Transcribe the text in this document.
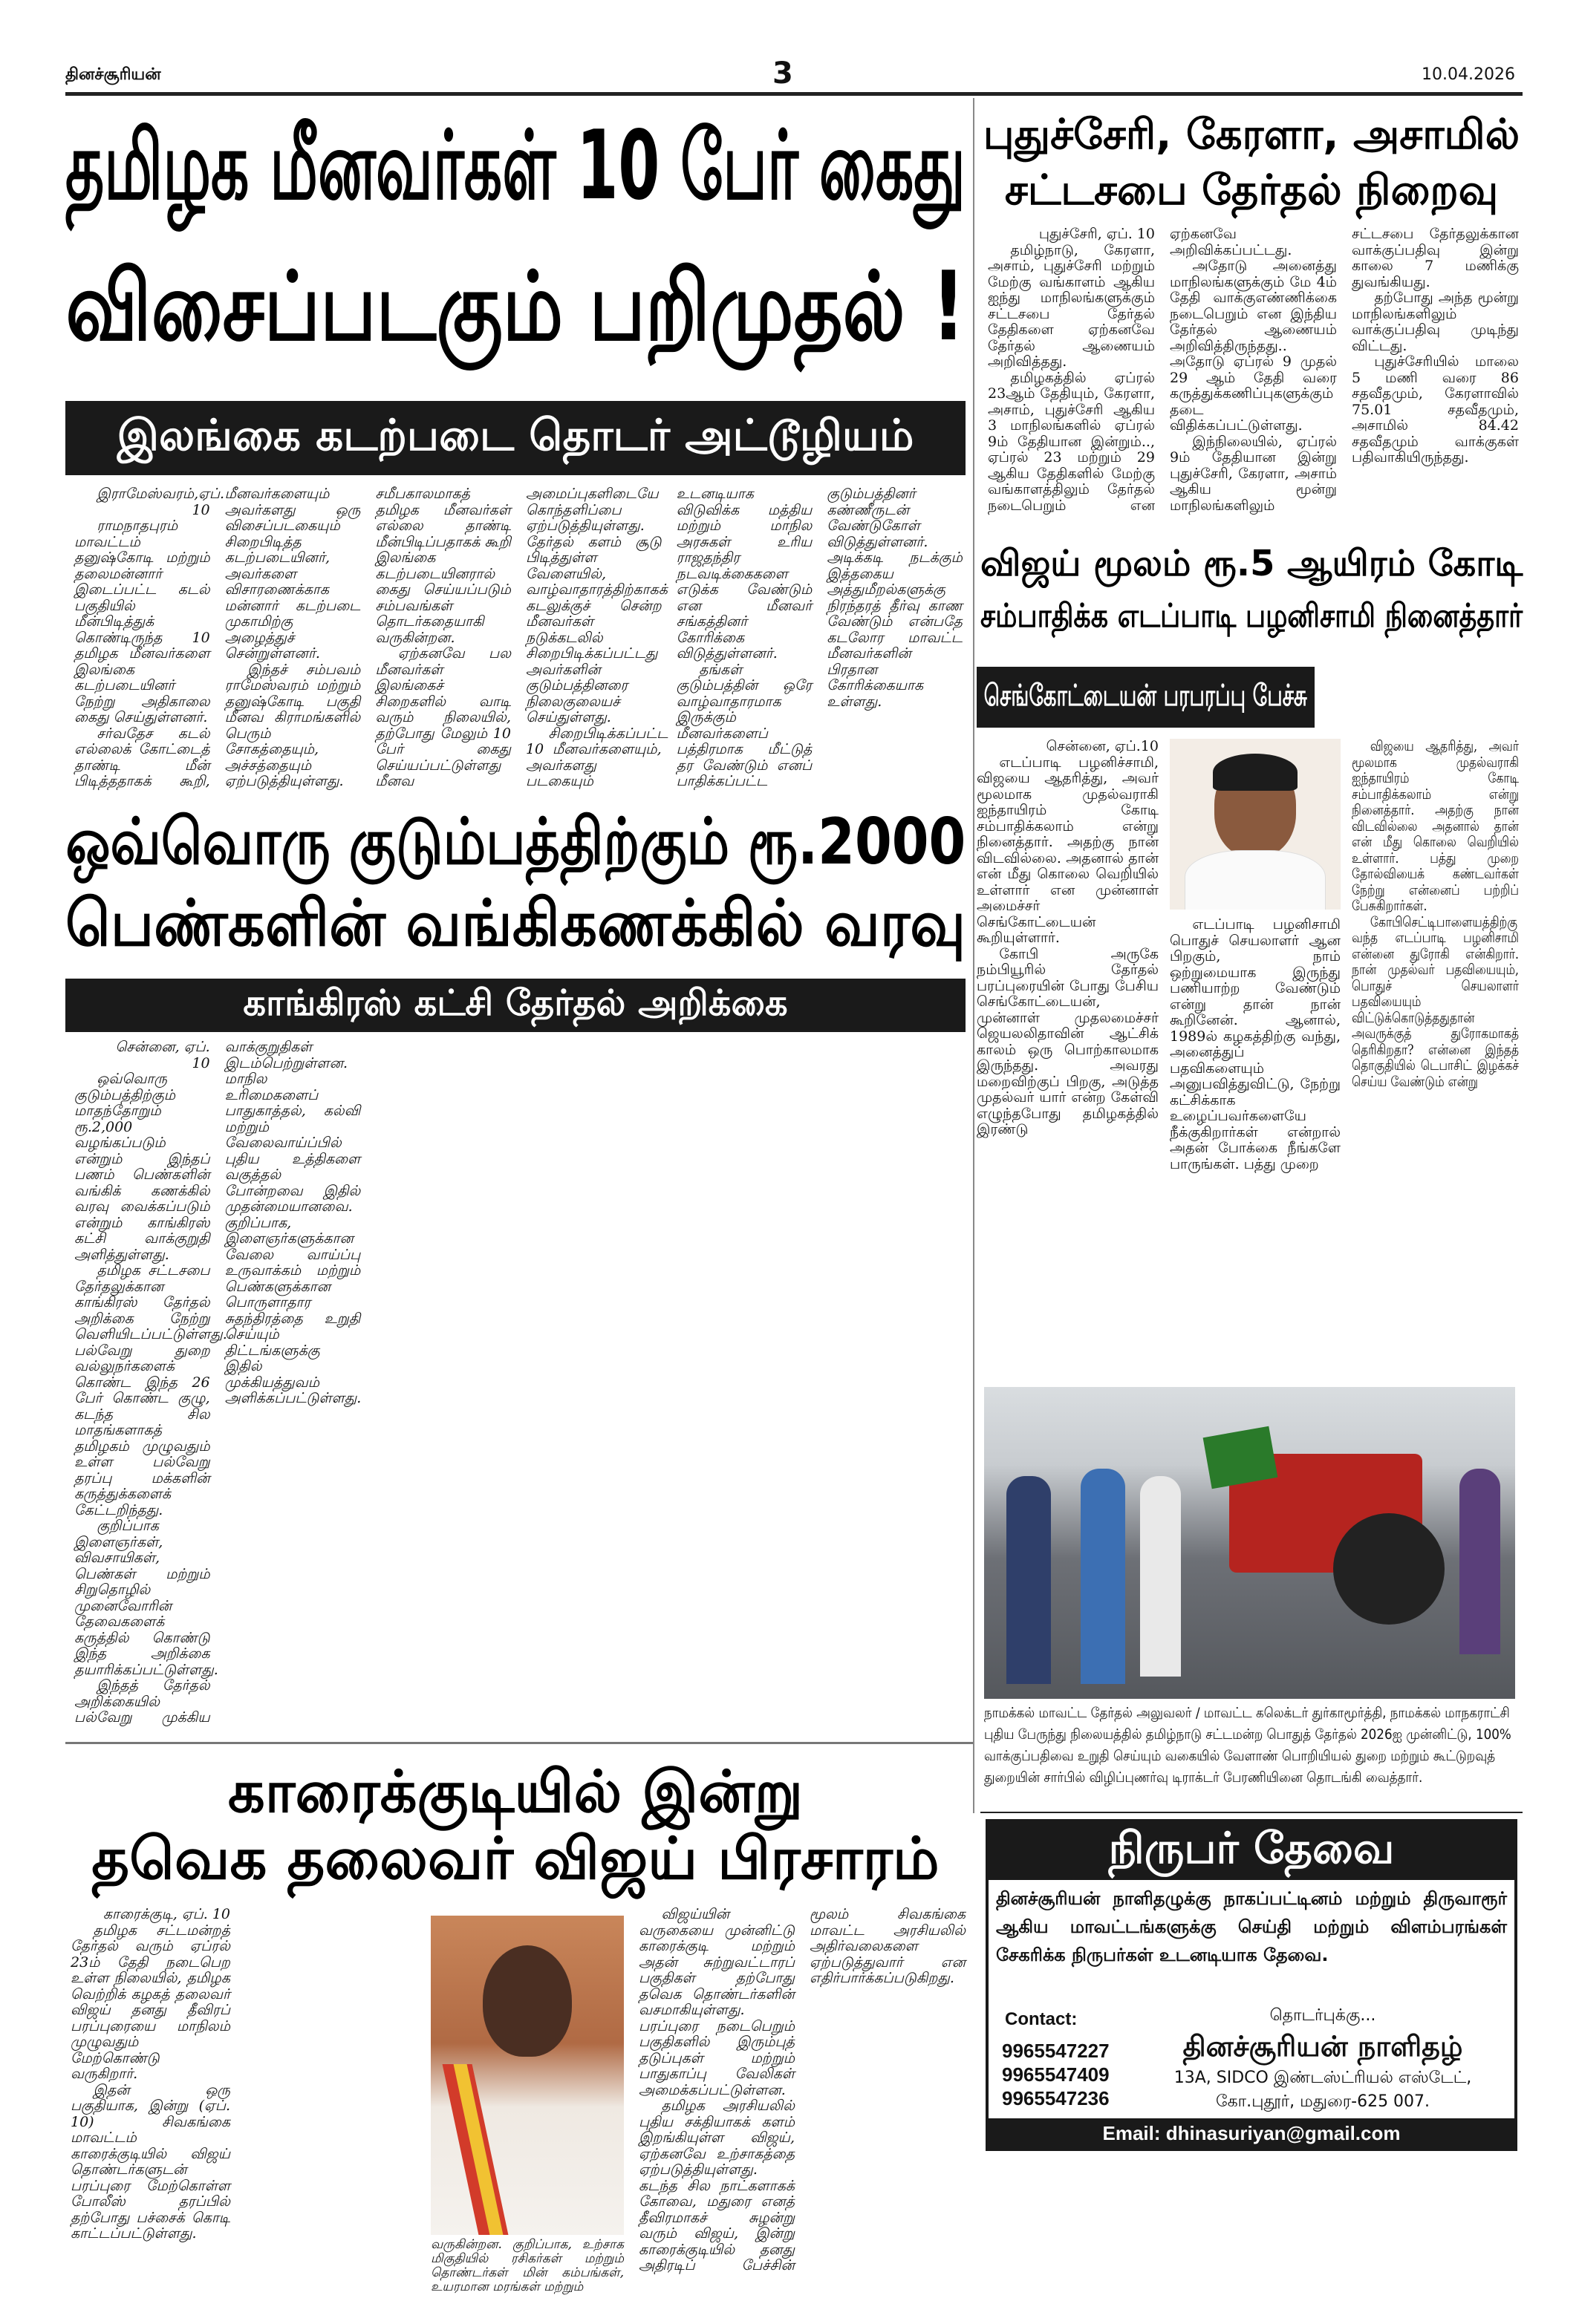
தினச்சூரியன்	3	10.04.2026
தமிழக மீனவர்கள் 10 பேர் கைது
விசைப்படகும் பறிமுதல் !
இலங்கை கடற்படை தொடர் அட்டூழியம்

இராமேஸ்வரம்,ஏப். 10

ராமநாதபுரம் மாவட்டம் தனுஷ்கோடி மற்றும் தலைமன்னார் இடைப்பட்ட கடல் பகுதியில் மீன்பிடித்துக் கொண்டிருந்த 10 தமிழக மீனவர்களை இலங்கை கடற்படையினர் நேற்று அதிகாலை கைது செய்துள்ளனர்.

சர்வதேச கடல் எல்லைக் கோட்டைத் தாண்டி மீன் பிடித்ததாகக் கூறி, மீனவர்களையும் அவர்களது ஒரு விசைப்படகையும் சிறைபிடித்த கடற்படையினர், அவர்களை விசாரணைக்காக மன்னார் கடற்படை முகாமிற்கு அழைத்துச் சென்றுள்ளனர்.

இந்தச் சம்பவம் ராமேஸ்வரம் மற்றும் தனுஷ்கோடி பகுதி மீனவ கிராமங்களில் பெரும் சோகத்தையும், அச்சத்தையும் ஏற்படுத்தியுள்ளது. சமீபகாலமாகத் தமிழக மீனவர்கள் எல்லை தாண்டி மீன்பிடிப்பதாகக் கூறி இலங்கை கடற்படையினரால் கைது செய்யப்படும் சம்பவங்கள் தொடர்கதையாகி வருகின்றன.

ஏற்கனவே பல மீனவர்கள் இலங்கைச் சிறைகளில் வாடி வரும் நிலையில், தற்போது மேலும் 10 பேர் கைது செய்யப்பட்டுள்ளது மீனவ அமைப்புகளிடையே கொந்தளிப்பை ஏற்படுத்தியுள்ளது. தேர்தல் களம் சூடு பிடித்துள்ள வேளையில், வாழ்வாதாரத்திற்காகக் கடலுக்குச் சென்ற மீனவர்கள் நடுக்கடலில் சிறைபிடிக்கப்பட்டது அவர்களின் குடும்பத்தினரை நிலைகுலையச் செய்துள்ளது.

சிறைபிடிக்கப்பட்ட 10 மீனவர்களையும், அவர்களது படகையும் உடனடியாக விடுவிக்க மத்திய மற்றும் மாநில அரசுகள் உரிய ராஜதந்திர நடவடிக்கைகளை எடுக்க வேண்டும் என மீனவர் சங்கத்தினர் கோரிக்கை விடுத்துள்ளனர்.

தங்கள் குடும்பத்தின் ஒரே வாழ்வாதாரமாக இருக்கும் மீனவர்களைப் பத்திரமாக மீட்டுத் தர வேண்டும் எனப் பாதிக்கப்பட்ட குடும்பத்தினர் கண்ணீருடன் வேண்டுகோள் விடுத்துள்ளனர். அடிக்கடி நடக்கும் இத்தகைய அத்துமீறல்களுக்கு நிரந்தரத் தீர்வு காண வேண்டும் என்பதே கடலோர மாவட்ட மீனவர்களின் பிரதான கோரிக்கையாக உள்ளது.

ஒவ்வொரு குடும்பத்திற்கும் ரூ.2000
பெண்களின் வங்கிகணக்கில் வரவு
காங்கிரஸ் கட்சி தேர்தல் அறிக்கை

சென்னை, ஏப். 10

ஒவ்வொரு குடும்பத்திற்கும் மாதந்தோறும் ரூ.2,000 வழங்கப்படும் என்றும் இந்தப் பணம் பெண்களின் வங்கிக் கணக்கில் வரவு வைக்கப்படும் என்றும் காங்கிரஸ் கட்சி வாக்குறுதி அளித்துள்ளது.

தமிழக சட்டசபை தேர்தலுக்கான காங்கிரஸ் தேர்தல் அறிக்கை நேற்று வெளியிடப்பட்டுள்ளது. பல்வேறு துறை வல்லுநர்களைக் கொண்ட இந்த 26 பேர் கொண்ட குழு, கடந்த சில மாதங்களாகத் தமிழகம் முழுவதும் உள்ள பல்வேறு தரப்பு மக்களின் கருத்துக்களைக் கேட்டறிந்தது.

குறிப்பாக இளைஞர்கள், விவசாயிகள், பெண்கள் மற்றும் சிறுதொழில் முனைவோரின் தேவைகளைக் கருத்தில் கொண்டு இந்த அறிக்கை தயாரிக்கப்பட்டுள்ளது.

இந்தத் தேர்தல் அறிக்கையில் பல்வேறு முக்கிய வாக்குறுதிகள் இடம்பெற்றுள்ளன. மாநில உரிமைகளைப் பாதுகாத்தல், கல்வி மற்றும் வேலைவாய்ப்பில் புதிய உத்திகளை வகுத்தல் போன்றவை இதில் முதன்மையானவை. குறிப்பாக, இளைஞர்களுக்கான வேலை வாய்ப்பு உருவாக்கம் மற்றும் பெண்களுக்கான பொருளாதார சுதந்திரத்தை உறுதி செய்யும் திட்டங்களுக்கு இதில் முக்கியத்துவம் அளிக்கப்பட்டுள்ளது.

காரைக்குடியில் இன்று
தவெக தலைவர் விஜய் பிரசாரம்

காரைக்குடி, ஏப். 10

தமிழக சட்டமன்றத் தேர்தல் வரும் ஏப்ரல் 23ம் தேதி நடைபெற உள்ள நிலையில், தமிழக வெற்றிக் கழகத் தலைவர் விஜய் தனது தீவிரப் பரப்புரையை மாநிலம் முழுவதும் மேற்கொண்டு வருகிறார்.

இதன் ஒரு பகுதியாக, இன்று (ஏப். 10) சிவகங்கை மாவட்டம் காரைக்குடியில் விஜய் தொண்டர்களுடன் பரப்புரை மேற்கொள்ள போலீஸ் தரப்பில் தற்போது பச்சைக் கொடி காட்டப்பட்டுள்ளது.

வருகின்றன. குறிப்பாக, உற்சாக மிகுதியில் ரசிகர்கள் மற்றும் தொண்டர்கள் மின் கம்பங்கள், உயரமான மரங்கள் மற்றும்

விஜய்யின் வருகையை முன்னிட்டு காரைக்குடி மற்றும் அதன் சுற்றுவட்டாரப் பகுதிகள் தற்போது தவெக தொண்டர்களின் வசமாகியுள்ளது. பரப்புரை நடைபெறும் பகுதிகளில் இரும்புத் தடுப்புகள் மற்றும் பாதுகாப்பு வேலிகள் அமைக்கப்பட்டுள்ளன.

தமிழக அரசியலில் புதிய சக்தியாகக் களம் இறங்கியுள்ள விஜய், ஏற்கனவே உற்சாகத்தை ஏற்படுத்தியுள்ளது. கடந்த சில நாட்களாகக் கோவை, மதுரை எனத் தீவிரமாகச் சுழன்று வரும் விஜய், இன்று காரைக்குடியில் தனது அதிரடிப் பேச்சின் மூலம் சிவகங்கை மாவட்ட அரசியலில் அதிர்வலைகளை ஏற்படுத்துவார் என எதிர்பார்க்கப்படுகிறது.

புதுச்சேரி, கேரளா, அசாமில்
சட்டசபை தேர்தல் நிறைவு

புதுச்சேரி, ஏப். 10

தமிழ்நாடு, கேரளா, அசாம், புதுச்சேரி மற்றும் மேற்கு வங்காளம் ஆகிய ஐந்து மாநிலங்களுக்கும் சட்டசபை தேர்தல் தேதிகளை ஏற்கனவே தேர்தல் ஆணையம் அறிவித்தது.

தமிழகத்தில் ஏப்ரல் 23ஆம் தேதியும், கேரளா, அசாம், புதுச்சேரி ஆகிய 3 மாநிலங்களில் ஏப்ரல் 9ம் தேதியான இன்றும்.., ஏப்ரல் 23 மற்றும் 29 ஆகிய தேதிகளில் மேற்கு வங்காளத்திலும் தேர்தல் நடைபெறும் என ஏற்கனவே அறிவிக்கப்பட்டது.

அதோடு அனைத்து மாநிலங்களுக்கும் மே 4ம் தேதி வாக்குஎண்ணிக்கை நடைபெறும் என இந்திய தேர்தல் ஆணையம் அறிவித்திருந்தது.. அதோடு ஏப்ரல் 9 முதல் 29 ஆம் தேதி வரை கருத்துக்கணிப்புகளுக்கும் தடை விதிக்கப்பட்டுள்ளது.

இந்நிலையில், ஏப்ரல் 9ம் தேதியான இன்று புதுச்சேரி, கேரளா, அசாம் ஆகிய மூன்று மாநிலங்களிலும் சட்டசபை தேர்தலுக்கான வாக்குப்பதிவு இன்று காலை 7 மணிக்கு துவங்கியது.

தற்போது அந்த மூன்று மாநிலங்களிலும் வாக்குப்பதிவு முடிந்து விட்டது.

புதுச்சேரியில் மாலை 5 மணி வரை 86 சதவீதமும், கேரளாவில் 75.01 சதவீதமும், அசாமில் 84.42 சதவீதமும் வாக்குகள் பதிவாகியிருந்தது.

விஜய் மூலம் ரூ.5 ஆயிரம் கோடி
சம்பாதிக்க எடப்பாடி பழனிசாமி நினைத்தார்
செங்கோட்டையன் பரபரப்பு பேச்சு

சென்னை, ஏப்.10

எடப்பாடி பழனிச்சாமி, விஜயை ஆதரித்து, அவர் மூலமாக முதல்வராகி ஐந்தாயிரம் கோடி சம்பாதிக்கலாம் என்று நினைத்தார். அதற்கு நான் விடவில்லை. அதனால் தான் என் மீது கொலை வெறியில் உள்ளார் என முன்னாள் அமைச்சர் செங்கோட்டையன் கூறியுள்ளார்.

கோபி அருகே நம்பியூரில் தேர்தல் பரப்புரையின் போது பேசிய செங்கோட்டையன், முன்னாள் முதலமைச்சர் ஜெயலலிதாவின் ஆட்சிக் காலம் ஒரு பொற்காலமாக இருந்தது. அவரது மறைவிற்குப் பிறகு, அடுத்த முதல்வர் யார் என்ற கேள்வி எழுந்தபோது தமிழகத்தில் இரண்டு

எடப்பாடி பழனிசாமி பொதுச் செயலாளர் ஆன பிறகும், நாம் ஒற்றுமையாக இருந்து பணியாற்ற வேண்டும் என்று தான் நான் கூறினேன். ஆனால், 1989ல் கழகத்திற்கு வந்து, அனைத்துப் பதவிகளையும் அனுபவித்துவிட்டு, நேற்று கட்சிக்காக உழைப்பவர்களையே நீக்குகிறார்கள் என்றால் அதன் போக்கை நீங்களே பாருங்கள். பத்து முறை

விஜயை ஆதரித்து, அவர் மூலமாக முதல்வராகி ஐந்தாயிரம் கோடி சம்பாதிக்கலாம் என்று நினைத்தார். அதற்கு நான் விடவில்லை அதனால் தான் என் மீது கொலை வெறியில் உள்ளார். பத்து முறை தோல்வியைக் கண்டவர்கள் நேற்று என்னைப் பற்றிப் பேசுகிறார்கள்.

கோபிசெட்டிபாளையத்திற்கு வந்த எடப்பாடி பழனிசாமி என்னை துரோகி என்கிறார். நான் முதல்வர் பதவியையும், பொதுச் செயலாளர் பதவியையும் விட்டுக்கொடுத்ததுதான் அவருக்குத் துரோகமாகத் தெரிகிறதா? என்னை இந்தத் தொகுதியில் டெபாசிட் இழக்கச் செய்ய வேண்டும் என்று

நாமக்கல் மாவட்ட தேர்தல் அலுவலர் / மாவட்ட கலெக்டர் துர்காமூர்த்தி, நாமக்கல் மாநகராட்சி புதிய பேருந்து நிலையத்தில் தமிழ்நாடு சட்டமன்ற பொதுத் தேர்தல் 2026ஐ முன்னிட்டு, 100% வாக்குப்பதிவை உறுதி செய்யும் வகையில் வேளாண் பொறியியல் துறை மற்றும் கூட்டுறவுத் துறையின் சார்பில் விழிப்புணர்வு டிராக்டர் பேரணியினை தொடங்கி வைத்தார்.
நிருபர் தேவை
தினச்சூரியன் நாளிதழுக்கு நாகப்பட்டினம் மற்றும் திருவாரூர் ஆகிய மாவட்டங்களுக்கு செய்தி மற்றும் விளம்பரங்கள் சேகரிக்க நிருபர்கள் உடனடியாக தேவை.
Contact:
9965547227
9965547409
9965547236
தொடர்புக்கு...
தினச்சூரியன் நாளிதழ்
13A, SIDCO இண்டஸ்ட்ரியல் எஸ்டேட்,
கோ.புதூர், மதுரை-625 007.
Email: dhinasuriyan@gmail.com
